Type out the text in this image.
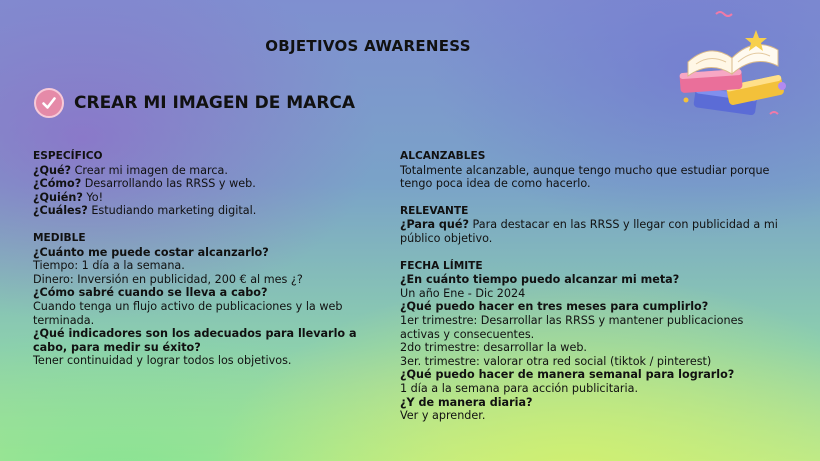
OBJETIVOS AWARENESS
CREAR MI IMAGEN DE MARCA
ESPECÍFICO
¿Qué? Crear mi imagen de marca.
¿Cómo? Desarrollando las RRSS y web.
¿Quién? Yo!
¿Cuáles? Estudiando marketing digital.
MEDIBLE
¿Cuánto me puede costar alcanzarlo?
Tiempo: 1 día a la semana.
Dinero: Inversión en publicidad, 200 € al mes ¿?
¿Cómo sabré cuando se lleva a cabo?
Cuando tenga un flujo activo de publicaciones y la web terminada.
¿Qué indicadores son los adecuados para llevarlo a cabo, para medir su éxito?
Tener continuidad y lograr todos los objetivos.
ALCANZABLES
Totalmente alcanzable, aunque tengo mucho que estudiar porque tengo poca idea de como hacerlo.
RELEVANTE
¿Para qué? Para destacar en las RRSS y llegar con publicidad a mi público objetivo.
FECHA LÍMITE
¿En cuánto tiempo puedo alcanzar mi meta?
Un año Ene - Dic 2024
¿Qué puedo hacer en tres meses para cumplirlo?
1er trimestre: Desarrollar las RRSS y mantener publicaciones activas y consecuentes.
2do trimestre: desarrollar la web.
3er. trimestre: valorar otra red social (tiktok / pinterest)
¿Qué puedo hacer de manera semanal para lograrlo?
1 día a la semana para acción publicitaria.
¿Y de manera diaria?
Ver y aprender.
